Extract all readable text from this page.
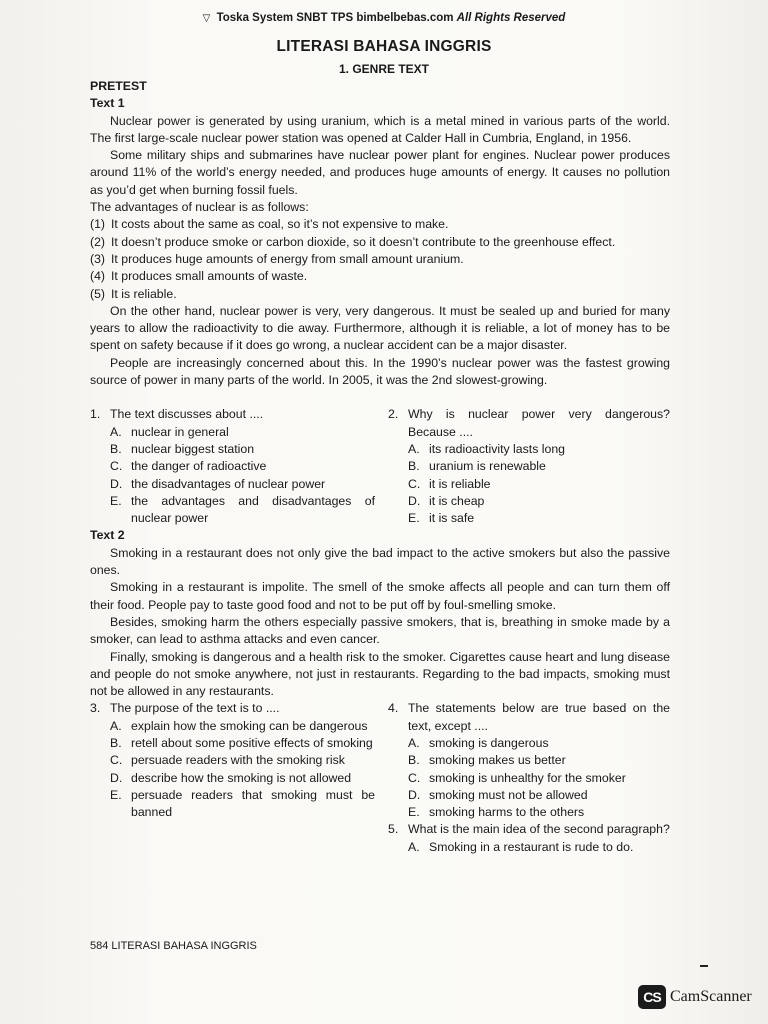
▽ Toska System SNBT TPS bimbelbebas.com All Rights Reserved
LITERASI BAHASA INGGRIS
1. GENRE TEXT

PRETEST

Text 1

Nuclear power is generated by using uranium, which is a metal mined in various parts of the world. The first large-scale nuclear power station was opened at Calder Hall in Cumbria, England, in 1956.

Some military ships and submarines have nuclear power plant for engines. Nuclear power produces around 11% of the world’s energy needed, and produces huge amounts of energy. It causes no pollution as you’d get when burning fossil fuels.

The advantages of nuclear is as follows:

(1) It costs about the same as coal, so it’s not expensive to make.
(2) It doesn’t produce smoke or carbon dioxide, so it doesn’t contribute to the greenhouse effect.
(3) It produces huge amounts of energy from small amount uranium.
(4) It produces small amounts of waste.
(5) It is reliable.

On the other hand, nuclear power is very, very dangerous. It must be sealed up and buried for many years to allow the radioactivity to die away. Furthermore, although it is reliable, a lot of money has to be spent on safety because if it does go wrong, a nuclear accident can be a major disaster.

People are increasingly concerned about this. In the 1990’s nuclear power was the fastest growing source of power in many parts of the world. In 2005, it was the 2nd slowest-growing.

1. The text discusses about ....
A. nuclear in general
B. nuclear biggest station
C. the danger of radioactive
D. the disadvantages of nuclear power
E. the advantages and disadvantages of nuclear power
2. Why is nuclear power very dangerous? Because ....
A. its radioactivity lasts long
B. uranium is renewable
C. it is reliable
D. it is cheap
E. it is safe

Text 2

Smoking in a restaurant does not only give the bad impact to the active smokers but also the passive ones.

Smoking in a restaurant is impolite. The smell of the smoke affects all people and can turn them off their food. People pay to taste good food and not to be put off by foul-smelling smoke.

Besides, smoking harm the others especially passive smokers, that is, breathing in smoke made by a smoker, can lead to asthma attacks and even cancer.

Finally, smoking is dangerous and a health risk to the smoker. Cigarettes cause heart and lung disease and people do not smoke anywhere, not just in restaurants. Regarding to the bad impacts, smoking must not be allowed in any restaurants.

3. The purpose of the text is to ....
A. explain how the smoking can be dangerous
B. retell about some positive effects of smoking
C. persuade readers with the smoking risk
D. describe how the smoking is not allowed
E. persuade readers that smoking must be banned
4. The statements below are true based on the text, except ....
A. smoking is dangerous
B. smoking makes us better
C. smoking is unhealthy for the smoker
D. smoking must not be allowed
E. smoking harms to the others
5. What is the main idea of the second paragraph?
A. Smoking in a restaurant is rude to do.
584 LITERASI BAHASA INGGRIS
CS CamScanner
